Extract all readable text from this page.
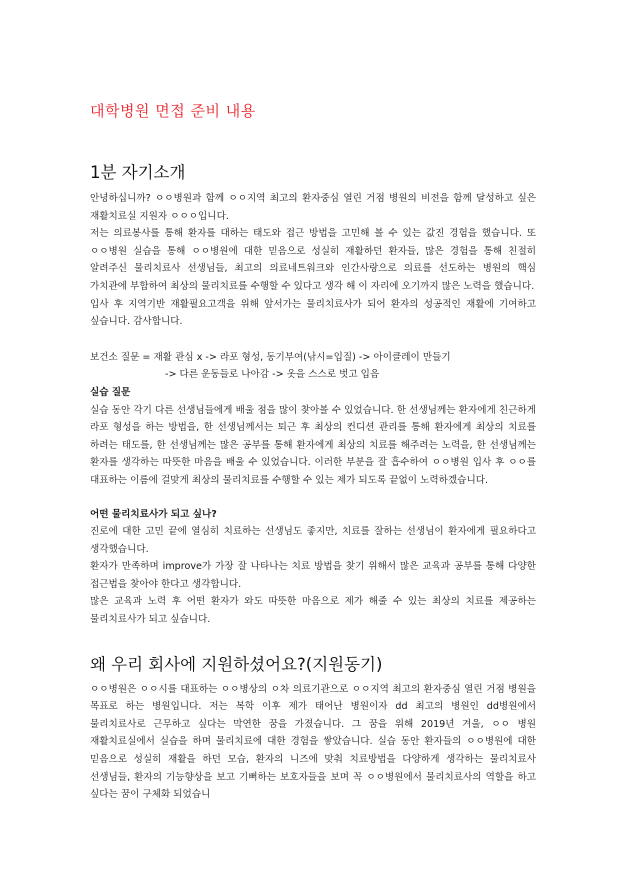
대학병원 면접 준비 내용
1분 자기소개

안녕하십니까? ㅇㅇ병원과 함께 ㅇㅇ지역 최고의 환자중심 열린 거점 병원의 비전을 함께 달성하고 싶은 재활치료실 지원자 ㅇㅇㅇ입니다.

저는 의료봉사를 통해 환자를 대하는 태도와 접근 방법을 고민해 볼 수 있는 값진 경험을 했습니다. 또 ㅇㅇ병원 실습을 통해 ㅇㅇ병원에 대한 믿음으로 성실히 재활하던 환자들, 많은 경험을 통해 친절히 알려주신 물리치료사 선생님들, 최고의 의료네트워크와 인간사랑으로 의료를 선도하는 병원의 핵심 가치관에 부합하여 최상의 물리치료를 수행할 수 있다고 생각 해 이 자리에 오기까지 많은 노력을 했습니다.

입사 후 지역기반 재활필요고객을 위해 앞서가는 물리치료사가 되어 환자의 성공적인 재활에 기여하고 싶습니다. 감사합니다.

보건소 질문 = 재활 관심 x -> 라포 형성, 동기부여(낚시=입질) -> 아이클레이 만들기

-> 다른 운동들로 나아감 -> 옷을 스스로 벗고 입음

실습 질문

실습 동안 각기 다른 선생님들에게 배울 점을 많이 찾아볼 수 있었습니다. 한 선생님께는 환자에게 친근하게 라포 형성을 하는 방법을, 한 선생님께서는 퇴근 후 최상의 컨디션 관리를 통해 환자에게 최상의 치료를 하려는 태도를, 한 선생님께는 많은 공부를 통해 환자에게 최상의 치료를 해주려는 노력을, 한 선생님께는 환자를 생각하는 따뜻한 마음을 배울 수 있었습니다. 이러한 부분을 잘 흡수하여 ㅇㅇ병원 입사 후 ㅇㅇ를 대표하는 이름에 걸맞게 최상의 물리치료를 수행할 수 있는 제가 되도록 끝없이 노력하겠습니다.

어떤 물리치료사가 되고 싶나?

진로에 대한 고민 끝에 열심히 치료하는 선생님도 좋지만, 치료를 잘하는 선생님이 환자에게 필요하다고 생각했습니다.

환자가 만족하며 improve가 가장 잘 나타나는 치료 방법을 찾기 위해서 많은 교육과 공부를 통해 다양한 접근법을 찾아야 한다고 생각합니다.

많은 교육과 노력 후 어떤 환자가 와도 따뜻한 마음으로 제가 해줄 수 있는 최상의 치료를 제공하는 물리치료사가 되고 싶습니다.

왜 우리 회사에 지원하셨어요?(지원동기)

ㅇㅇ병원은 ㅇㅇ시를 대표하는 ㅇㅇ병상의 ㅇ차 의료기관으로 ㅇㅇ지역 최고의 환자중심 열린 거점 병원을 목표로 하는 병원입니다. 저는 복학 이후 제가 태어난 병원이자 dd 최고의 병원인 dd병원에서 물리치료사로 근무하고 싶다는 막연한 꿈을 가졌습니다. 그 꿈을 위해 2019년 겨울, ㅇㅇ 병원 재활치료실에서 실습을 하며 물리치료에 대한 경험을 쌓았습니다. 실습 동안 환자들의 ㅇㅇ병원에 대한 믿음으로 성실히 재활을 하던 모습, 환자의 니즈에 맞춰 치료방법을 다양하게 생각하는 물리치료사 선생님들, 환자의 기능향상을 보고 기뻐하는 보호자들을 보며 꼭 ㅇㅇ병원에서 물리치료사의 역할을 하고 싶다는 꿈이 구체화 되었습니
